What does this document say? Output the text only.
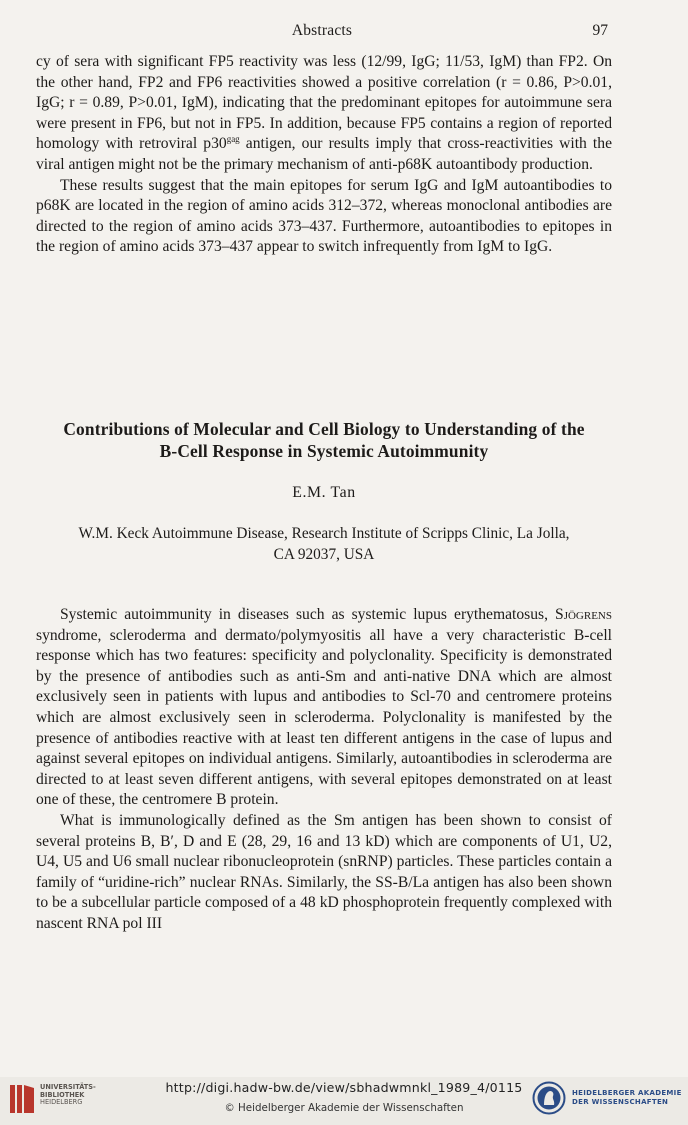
Abstracts	97

cy of sera with significant FP5 reactivity was less (12/99, IgG; 11/53, IgM) than FP2. On the other hand, FP2 and FP6 reactivities showed a positive correlation (r = 0.86, P>0.01, IgG; r = 0.89, P>0.01, IgM), indicating that the predominant epitopes for autoimmune sera were present in FP6, but not in FP5. In addition, because FP5 contains a region of reported homology with retroviral $p30^{gag}$ antigen, our results imply that cross-reactivities with the viral antigen might not be the primary mechanism of anti-p68K autoantibody production.

These results suggest that the main epitopes for serum IgG and IgM autoantibodies to p68K are located in the region of amino acids 312–372, whereas monoclonal antibodies are directed to the region of amino acids 373–437. Furthermore, autoantibodies to epitopes in the region of amino acids 373–437 appear to switch infrequently from IgM to IgG.

Contributions of Molecular and Cell Biology to Understanding of the
B-Cell Response in Systemic Autoimmunity
E.M. Tan
W.M. Keck Autoimmune Disease, Research Institute of Scripps Clinic, La Jolla,
CA 92037, USA

Systemic autoimmunity in diseases such as systemic lupus erythematosus, Sjögrens syndrome, scleroderma and dermato/polymyositis all have a very characteristic B-cell response which has two features: specificity and polyclonality. Specificity is demonstrated by the presence of antibodies such as anti-Sm and anti-native DNA which are almost exclusively seen in patients with lupus and antibodies to Scl-70 and centromere proteins which are almost exclusively seen in scleroderma. Polyclonality is manifested by the presence of antibodies reactive with at least ten different antigens in the case of lupus and against several epitopes on individual antigens. Similarly, autoantibodies in scleroderma are directed to at least seven different antigens, with several epitopes demonstrated on at least one of these, the centromere B protein.

What is immunologically defined as the Sm antigen has been shown to consist of several proteins B, B′, D and E (28, 29, 16 and 13 kD) which are components of U1, U2, U4, U5 and U6 small nuclear ribonucleoprotein (snRNP) particles. These particles contain a family of “uridine-rich” nuclear RNAs. Similarly, the SS-B/La antigen has also been shown to be a subcellular particle composed of a 48 kD phosphoprotein frequently complexed with nascent RNA pol III

UNIVERSITÄTS-
BIBLIOTHEK
HEIDELBERG
http://digi.hadw-bw.de/view/sbhadwmnkl_1989_4/0115
© Heidelberger Akademie der Wissenschaften
HEIDELBERGER AKADEMIE
DER WISSENSCHAFTEN
